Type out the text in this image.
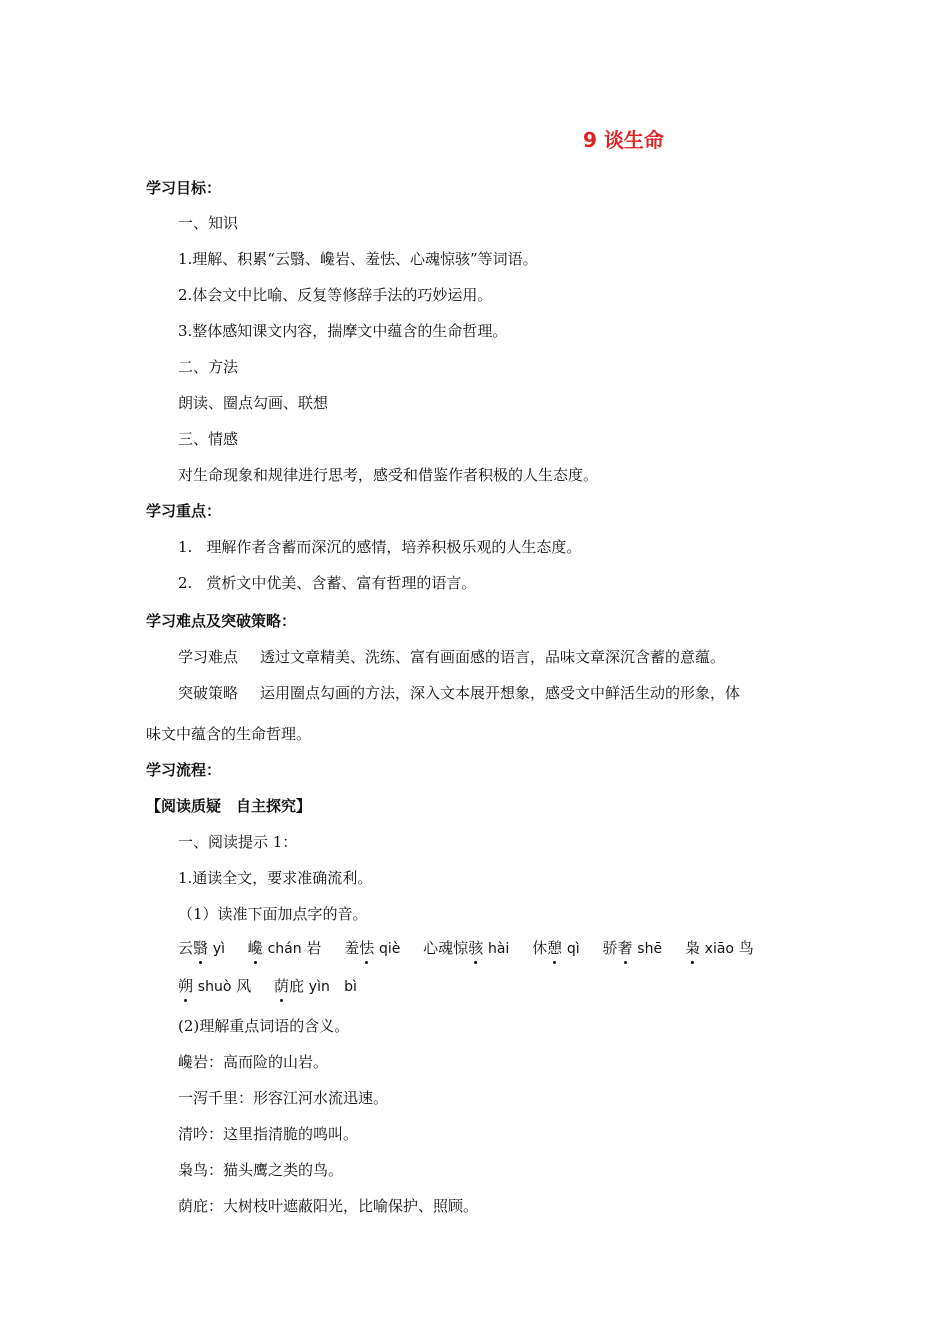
9 谈生命
学习目标：
一、知识
1.理解、积累“云翳、巉岩、羞怯、心魂惊骇”等词语。
2.体会文中比喻、反复等修辞手法的巧妙运用。
3.整体感知课文内容，揣摩文中蕴含的生命哲理。
二、方法
朗读、圈点勾画、联想
三、情感
对生命现象和规律进行思考，感受和借鉴作者积极的人生态度。
学习重点：
1. 理解作者含蓄而深沉的感情，培养积极乐观的人生态度。
2. 赏析文中优美、含蓄、富有哲理的语言。
学习难点及突破策略：
学习难点 透过文章精美、洗练、富有画面感的语言，品味文章深沉含蓄的意蕴。
突破策略 运用圈点勾画的方法，深入文本展开想象，感受文中鲜活生动的形象，体
味文中蕴含的生命哲理。
学习流程：
【阅读质疑　自主探究】
一、阅读提示 1：
1.通读全文，要求准确流利。
（1）读准下面加点字的音。
云翳 yì 巉 chán 岩 羞怯 qiè 心魂惊骇 hài 休憩 qì 骄奢 shē 枭 xiāo 鸟
朔 shuò 风 荫庇 yìn bì
(2)理解重点词语的含义。
巉岩：高而险的山岩。
一泻千里：形容江河水流迅速。
清吟：这里指清脆的鸣叫。
枭鸟：猫头鹰之类的鸟。
荫庇：大树枝叶遮蔽阳光，比喻保护、照顾。
